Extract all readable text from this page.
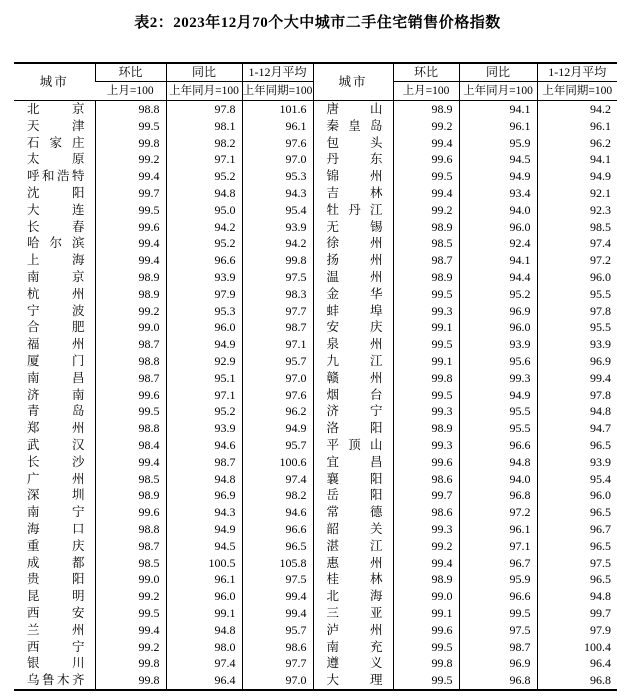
表2：2023年12月70个大中城市二手住宅销售价格指数
城市	环比	同比	1-12月平均	城市	环比	同比	1-12月平均
	上月=100	上年同月=100	上年同期=100		上月=100	上年同月=100	上年同期=100

北 京	98.8	97.8	101.6	唐 山	98.9	94.1	94.2

天 津	99.5	98.1	96.1	秦 皇 岛	99.2	96.1	96.1

石 家 庄	99.8	98.2	97.6	包 头	99.4	95.9	96.2

太 原	99.2	97.1	97.0	丹 东	99.6	94.5	94.1

呼 和 浩 特	99.4	95.2	95.3	锦 州	99.5	94.9	94.9

沈 阳	99.7	94.8	94.3	吉 林	99.4	93.4	92.1

大 连	99.5	95.0	95.4	牡 丹 江	99.2	94.0	92.3

长 春	99.6	94.2	93.9	无 锡	98.9	96.0	98.5

哈 尔 滨	99.4	95.2	94.2	徐 州	98.5	92.4	97.4

上 海	99.4	96.6	99.8	扬 州	98.7	94.1	97.2

南 京	98.9	93.9	97.5	温 州	98.9	94.4	96.0

杭 州	98.9	97.9	98.3	金 华	99.5	95.2	95.5

宁 波	99.2	95.3	97.7	蚌 埠	99.3	96.9	97.8

合 肥	99.0	96.0	98.7	安 庆	99.1	96.0	95.5

福 州	98.7	94.9	97.1	泉 州	99.5	93.9	93.9

厦 门	98.8	92.9	95.7	九 江	99.1	95.6	96.9

南 昌	98.7	95.1	97.0	赣 州	99.8	99.3	99.4

济 南	99.6	97.1	97.6	烟 台	99.5	94.9	97.8

青 岛	99.5	95.2	96.2	济 宁	99.3	95.5	94.8

郑 州	98.8	93.9	94.9	洛 阳	98.9	95.5	94.7

武 汉	98.4	94.6	95.7	平 顶 山	99.3	96.6	96.5

长 沙	99.4	98.7	100.6	宜 昌	99.6	94.8	93.9

广 州	98.5	94.8	97.4	襄 阳	98.6	94.0	95.4

深 圳	98.9	96.9	98.2	岳 阳	99.7	96.8	96.0

南 宁	99.6	94.3	94.6	常 德	98.6	97.2	96.5

海 口	98.8	94.9	96.6	韶 关	99.3	96.1	96.7

重 庆	98.7	94.5	96.5	湛 江	99.2	97.1	96.5

成 都	98.5	100.5	105.8	惠 州	99.4	96.7	97.5

贵 阳	99.0	96.1	97.5	桂 林	98.9	95.9	96.5

昆 明	99.2	96.0	99.4	北 海	99.0	96.6	94.8

西 安	99.5	99.1	99.4	三 亚	99.1	99.5	99.7

兰 州	99.4	94.8	95.7	泸 州	99.6	97.5	97.9

西 宁	99.2	98.0	98.6	南 充	99.5	98.7	100.4

银 川	99.8	97.4	97.7	遵 义	99.8	96.9	96.4

乌 鲁 木 齐	99.8	96.4	97.0	大 理	99.5	96.8	96.8
